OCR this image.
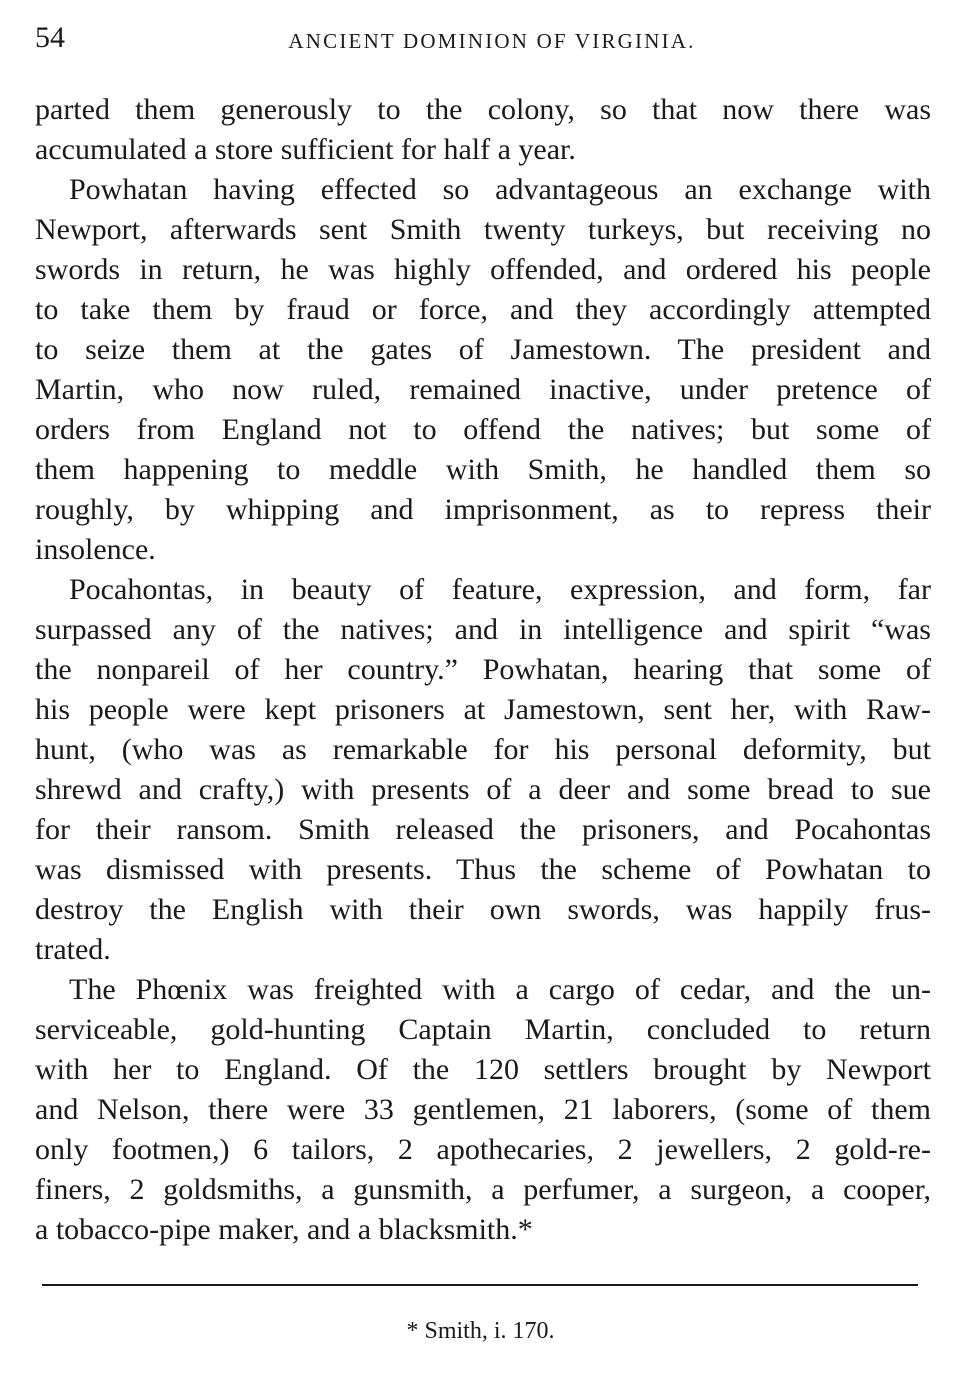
54	ANCIENT DOMINION OF VIRGINIA.
parted them generously to the colony, so that now there was
accumulated a store sufficient for half a year.
Powhatan having effected so advantageous an exchange with
Newport, afterwards sent Smith twenty turkeys, but receiving no
swords in return, he was highly offended, and ordered his people
to take them by fraud or force, and they accordingly attempted
to seize them at the gates of Jamestown. The president and
Martin, who now ruled, remained inactive, under pretence of
orders from England not to offend the natives; but some of
them happening to meddle with Smith, he handled them so
roughly, by whipping and imprisonment, as to repress their
insolence.
Pocahontas, in beauty of feature, expression, and form, far
surpassed any of the natives; and in intelligence and spirit “was
the nonpareil of her country.” Powhatan, hearing that some of
his people were kept prisoners at Jamestown, sent her, with Raw-
hunt, (who was as remarkable for his personal deformity, but
shrewd and crafty,) with presents of a deer and some bread to sue
for their ransom. Smith released the prisoners, and Pocahontas
was dismissed with presents. Thus the scheme of Powhatan to
destroy the English with their own swords, was happily frus-
trated.
The Phœnix was freighted with a cargo of cedar, and the un-
serviceable, gold-hunting Captain Martin, concluded to return
with her to England. Of the 120 settlers brought by Newport
and Nelson, there were 33 gentlemen, 21 laborers, (some of them
only footmen,) 6 tailors, 2 apothecaries, 2 jewellers, 2 gold-re-
finers, 2 goldsmiths, a gunsmith, a perfumer, a surgeon, a cooper,
a tobacco-pipe maker, and a blacksmith.*
* Smith, i. 170.
